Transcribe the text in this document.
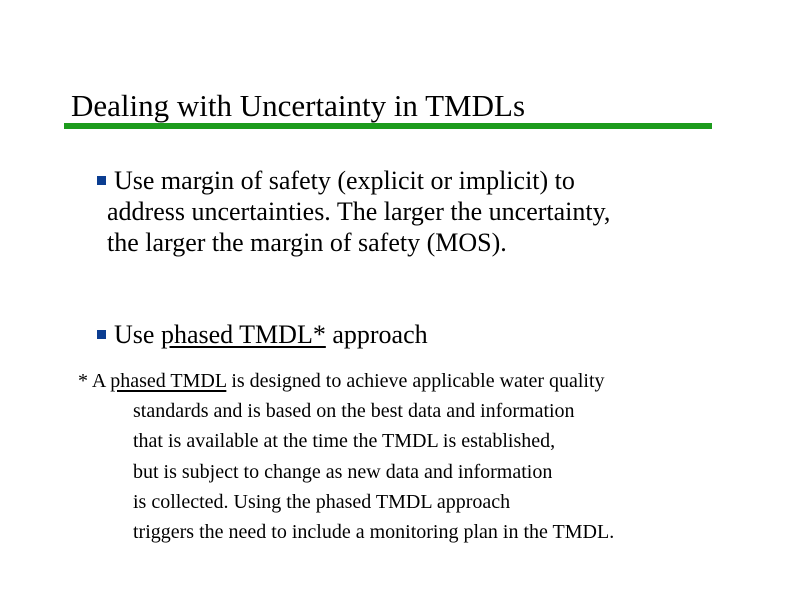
Dealing with Uncertainty in TMDLs
Use margin of safety (explicit or implicit) to
address uncertainties. The larger the uncertainty,
the larger the margin of safety (MOS).
Use phased TMDL* approach
* A phased TMDL is designed to achieve applicable water quality
standards and is based on the best data and information
that is available at the time the TMDL is established,
but is subject to change as new data and information
is collected. Using the phased TMDL approach
triggers the need to include a monitoring plan in the TMDL.
